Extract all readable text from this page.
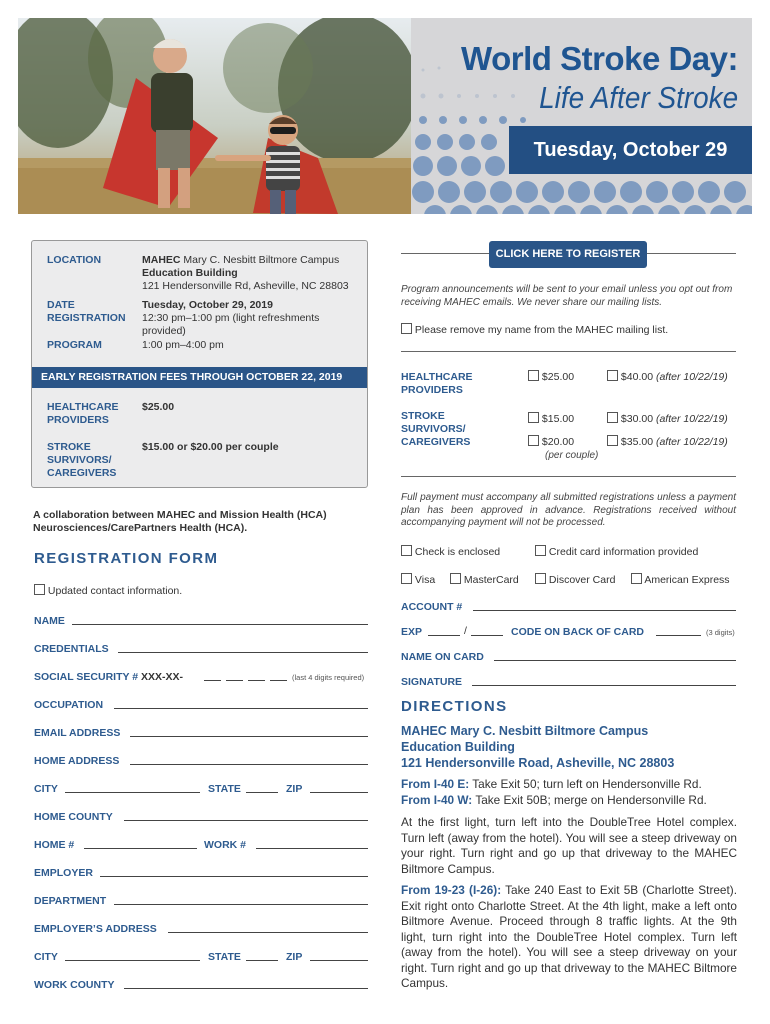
World Stroke Day:
Life After Stroke
Tuesday, October 29
LOCATION	MAHEC Mary C. Nesbitt Biltmore Campus
Education Building
121 Hendersonville Rd, Asheville, NC 28803
DATE	Tuesday, October 29, 2019
REGISTRATION 12:30 pm–1:00 pm (light refreshments provided)
PROGRAM	1:00 pm–4:00 pm
EARLY REGISTRATION FEES THROUGH OCTOBER 22, 2019
HEALTHCARE PROVIDERS
$25.00
STROKE SURVIVORS/ CAREGIVERS
$15.00 or $20.00 per couple
A collaboration between MAHEC and Mission Health (HCA) Neurosciences/CarePartners Health (HCA).
REGISTRATION FORM
Updated contact information.
NAME
CREDENTIALS
SOCIAL SECURITY # XXX-XX-	(last 4 digits required)
OCCUPATION
EMAIL ADDRESS
HOME ADDRESS
CITY	STATE	ZIP
HOME COUNTY
HOME #	WORK #
EMPLOYER
DEPARTMENT
EMPLOYER’S ADDRESS
CITY	STATE	ZIP
WORK COUNTY
CLICK HERE TO REGISTER
Program announcements will be sent to your email unless you opt out from receiving MAHEC emails. We never share our mailing lists.
Please remove my name from the MAHEC mailing list.
HEALTHCARE PROVIDERS
$25.00	$40.00 (after 10/22/19)
STROKE SURVIVORS/ CAREGIVERS
$15.00	$30.00 (after 10/22/19)
$20.00	$35.00 (after 10/22/19)
(per couple)
Full payment must accompany all submitted registrations unless a payment plan has been approved in advance. Registrations received without accompanying payment will not be processed.
Check is enclosed	Credit card information provided
Visa	MasterCard	Discover Card	American Express
ACCOUNT #
EXP	/	CODE ON BACK OF CARD	(3 digits)
NAME ON CARD
SIGNATURE
DIRECTIONS
MAHEC Mary C. Nesbitt Biltmore Campus
Education Building
121 Hendersonville Road, Asheville, NC 28803
From I-40 E: Take Exit 50; turn left on Hendersonville Rd.
From I-40 W: Take Exit 50B; merge on Hendersonville Rd.
At the first light, turn left into the DoubleTree Hotel complex. Turn left (away from the hotel). You will see a steep driveway on your right. Turn right and go up that driveway to the MAHEC Biltmore Campus.
From 19-23 (I-26): Take 240 East to Exit 5B (Charlotte Street). Exit right onto Charlotte Street. At the 4th light, make a left onto Biltmore Avenue. Proceed through 8 traffic lights. At the 9th light, turn right into the DoubleTree Hotel complex. Turn left (away from the hotel). You will see a steep driveway on your right. Turn right and go up that driveway to the MAHEC Biltmore Campus.
